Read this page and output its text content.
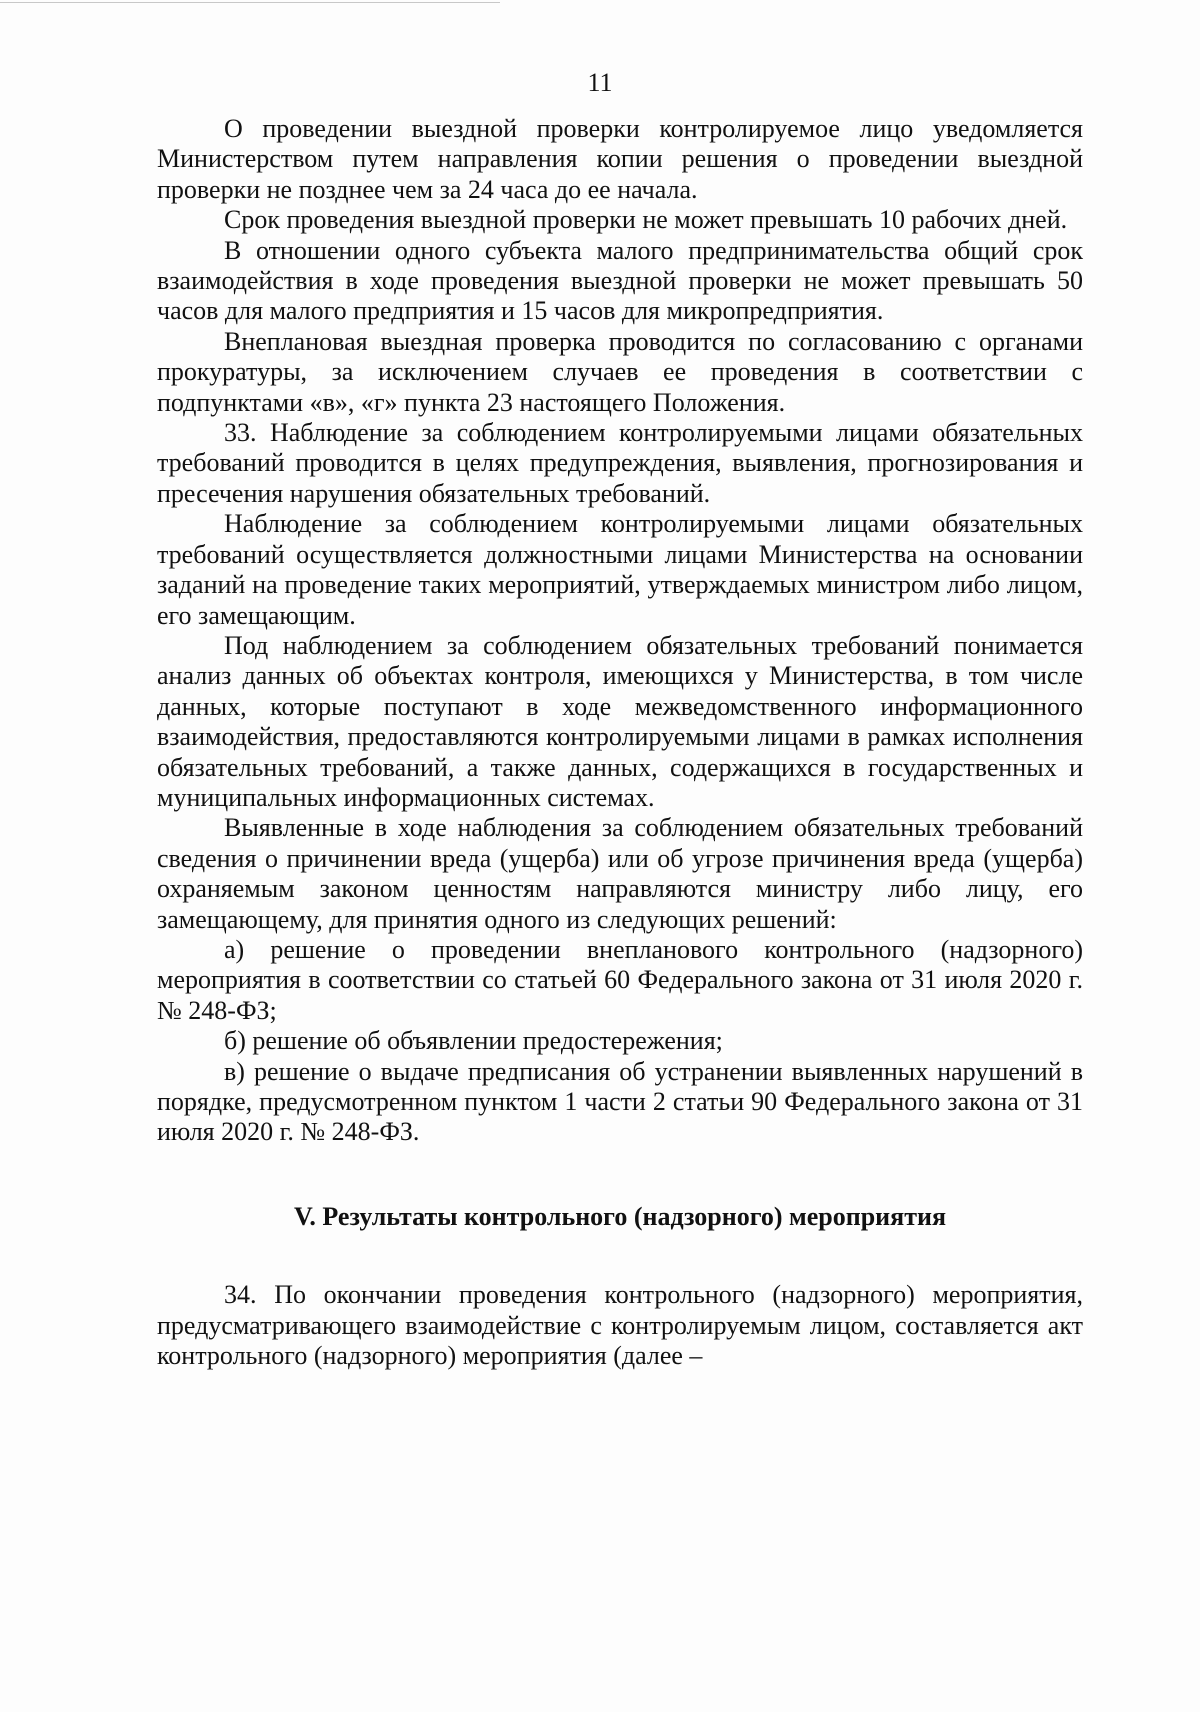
11

О проведении выездной проверки контролируемое лицо уведомляется Министерством путем направления копии решения о проведении выездной проверки не позднее чем за 24 часа до ее начала.

Срок проведения выездной проверки не может превышать 10 рабочих дней.

В отношении одного субъекта малого предпринимательства общий срок взаимодействия в ходе проведения выездной проверки не может превышать 50 часов для малого предприятия и 15 часов для микропредприятия.

Внеплановая выездная проверка проводится по согласованию с органами прокуратуры, за исключением случаев ее проведения в соответствии с подпунктами «в», «г» пункта 23 настоящего Положения.

33. Наблюдение за соблюдением контролируемыми лицами обязательных требований проводится в целях предупреждения, выявления, прогнозирования и пресечения нарушения обязательных требований.

Наблюдение за соблюдением контролируемыми лицами обязательных требований осуществляется должностными лицами Министерства на основании заданий на проведение таких мероприятий, утверждаемых министром либо лицом, его замещающим.

Под наблюдением за соблюдением обязательных требований понимается анализ данных об объектах контроля, имеющихся у Министерства, в том числе данных, которые поступают в ходе межведомственного информационного взаимодействия, предоставляются контролируемыми лицами в рамках исполнения обязательных требований, а также данных, содержащихся в государственных и муниципальных информационных системах.

Выявленные в ходе наблюдения за соблюдением обязательных требований сведения о причинении вреда (ущерба) или об угрозе причинения вреда (ущерба) охраняемым законом ценностям направляются министру либо лицу, его замещающему, для принятия одного из следующих решений:

а) решение о проведении внепланового контрольного (надзорного) мероприятия в соответствии со статьей 60 Федерального закона от 31 июля 2020 г. № 248-ФЗ;

б) решение об объявлении предостережения;

в) решение о выдаче предписания об устранении выявленных нарушений в порядке, предусмотренном пунктом 1 части 2 статьи 90 Федерального закона от 31 июля 2020 г. № 248-ФЗ.

V. Результаты контрольного (надзорного) мероприятия

34. По окончании проведения контрольного (надзорного) мероприятия, предусматривающего взаимодействие с контролируемым лицом, составляется акт контрольного (надзорного) мероприятия (далее –
